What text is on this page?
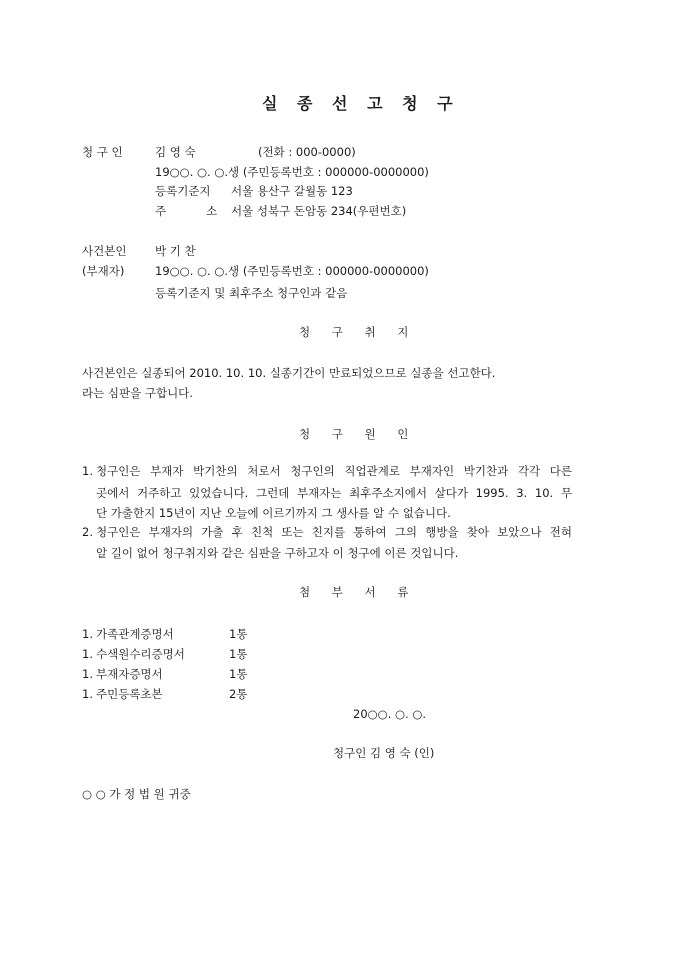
실 종 선 고 청 구
청 구 인	김 영 숙	(전화 : 000-0000)
19○○. ○. ○.생 (주민등록번호 : 000000-0000000)
등록기준지 서울 용산구 갈월동 123
주	소 서울 성북구 돈암동 234(우편번호)
사건본인 박 기 찬
(부재자)	19○○. ○. ○.생 (주민등록번호 : 000000-0000000)
등록기준지 및 최후주소 청구인과 같음
청 구 취 지
사건본인은 실종되어 2010. 10. 10. 실종기간이 만료되었으므로 실종을 선고한다.
라는 심판을 구합니다.
청 구 원 인
1. 청구인은 부재자 박기찬의 처로서 청구인의 직업관계로 부재자인 박기찬과 각각 다른
곳에서 거주하고 있었습니다. 그런데 부재자는 최후주소지에서 살다가 1995. 3. 10. 무
단 가출한지 15년이 지난 오늘에 이르기까지 그 생사를 알 수 없습니다.
2. 청구인은 부재자의 가출 후 친척 또는 친지를 통하여 그의 행방을 찾아 보았으나 전혀
알 길이 없어 청구취지와 같은 심판을 구하고자 이 청구에 이른 것입니다.
첨 부 서 류
1. 가족관계증명서	1통
1. 수색원수리증명서	1통
1. 부재자증명서	1통
1. 주민등록초본	2통
20○○. ○. ○.
청구인 김 영 숙 (인)
○ ○ 가 정 법 원 귀중
